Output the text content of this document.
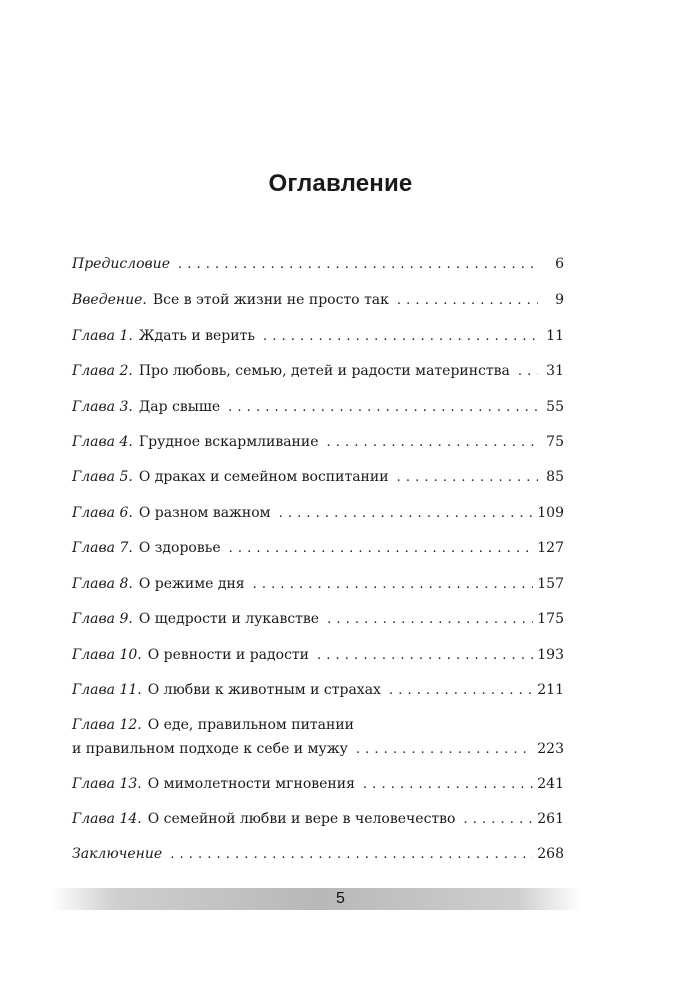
Оглавление
Предисловие . . .	6
Введение. Все в этой жизни не просто так . . .	9
Глава 1. Ждать и верить . . .	11
Глава 2. Про любовь, семью, детей и радости материнства . . .	31
Глава 3. Дар свыше . . .	55
Глава 4. Грудное вскармливание . . .	75
Глава 5. О драках и семейном воспитании . . .	85
Глава 6. О разном важном . . .	109
Глава 7. О здоровье . . .	127
Глава 8. О режиме дня . . .	157
Глава 9. О щедрости и лукавстве . . .	175
Глава 10. О ревности и радости . . .	193
Глава 11. О любви к животным и страхах . . .	211
Глава 12. О еде, правильном питании
и правильном подходе к себе и мужу . . .	223
Глава 13. О мимолетности мгновения . . .	241
Глава 14. О семейной любви и вере в человечество . . .	261
Заключение . . .	268
5
